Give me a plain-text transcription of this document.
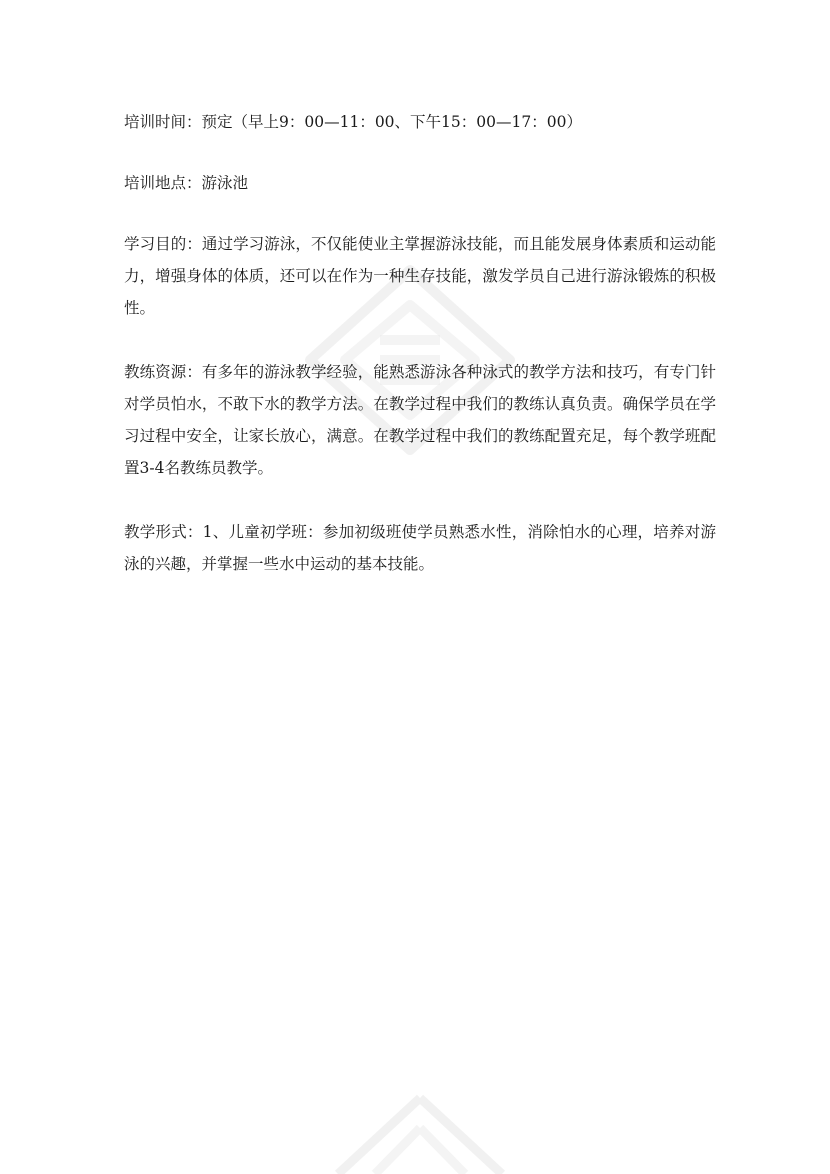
培训时间：预定（早上9：00—11：00、下午15：00—17：00）

培训地点：游泳池

学习目的：通过学习游泳，不仅能使业主掌握游泳技能，而且能发展身体素质和运动能力，增强身体的体质，还可以在作为一种生存技能，激发学员自己进行游泳锻炼的积极性。

教练资源：有多年的游泳教学经验，能熟悉游泳各种泳式的教学方法和技巧，有专门针对学员怕水，不敢下水的教学方法。在教学过程中我们的教练认真负责。确保学员在学习过程中安全，让家长放心，满意。在教学过程中我们的教练配置充足，每个教学班配置3-4名教练员教学。

教学形式：1、儿童初学班：参加初级班使学员熟悉水性，消除怕水的心理，培养对游泳的兴趣，并掌握一些水中运动的基本技能。
